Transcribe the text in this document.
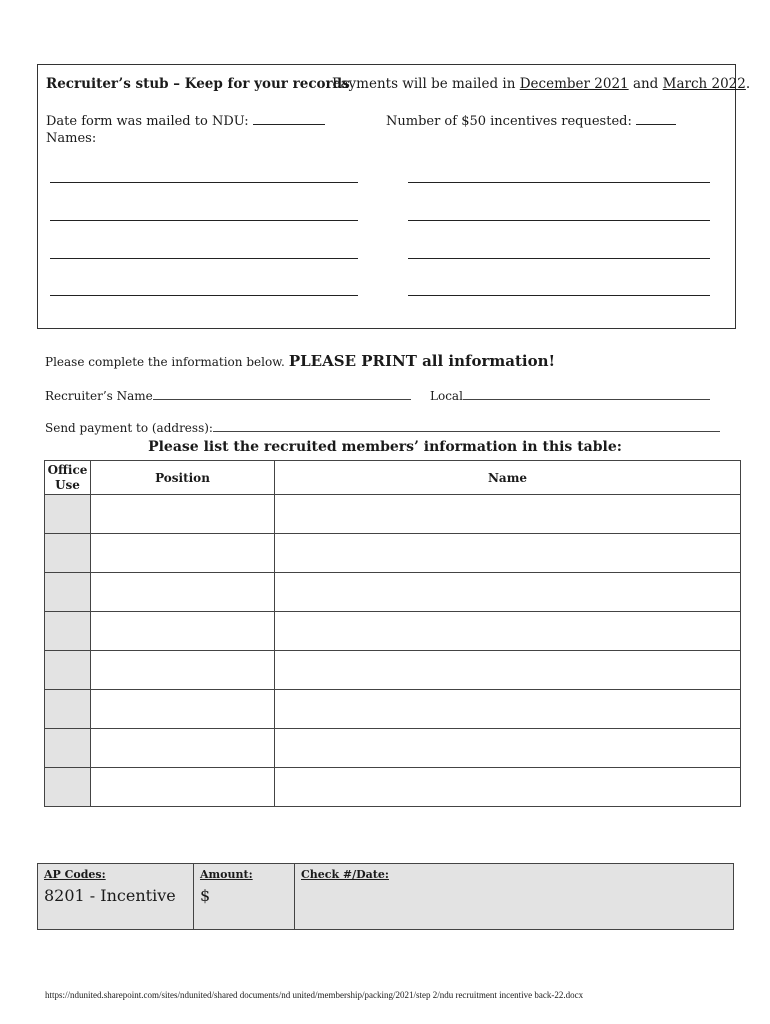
Recruiter’s stub – Keep for your records
Payments will be mailed in December 2021 and March 2022.
Date form was mailed to NDU:	Number of $50 incentives requested:
Names:
Please complete the information below. PLEASE PRINT all information!
Recruiter’s Name	Local
Send payment to (address):
Please list the recruited members’ information in this table:
Office Use	Position	Name

AP Codes:
8201 - Incentive

Amount:
$

Check #/Date:
https://ndunited.sharepoint.com/sites/ndunited/shared documents/nd united/membership/packing/2021/step 2/ndu recruitment incentive back-22.docx
